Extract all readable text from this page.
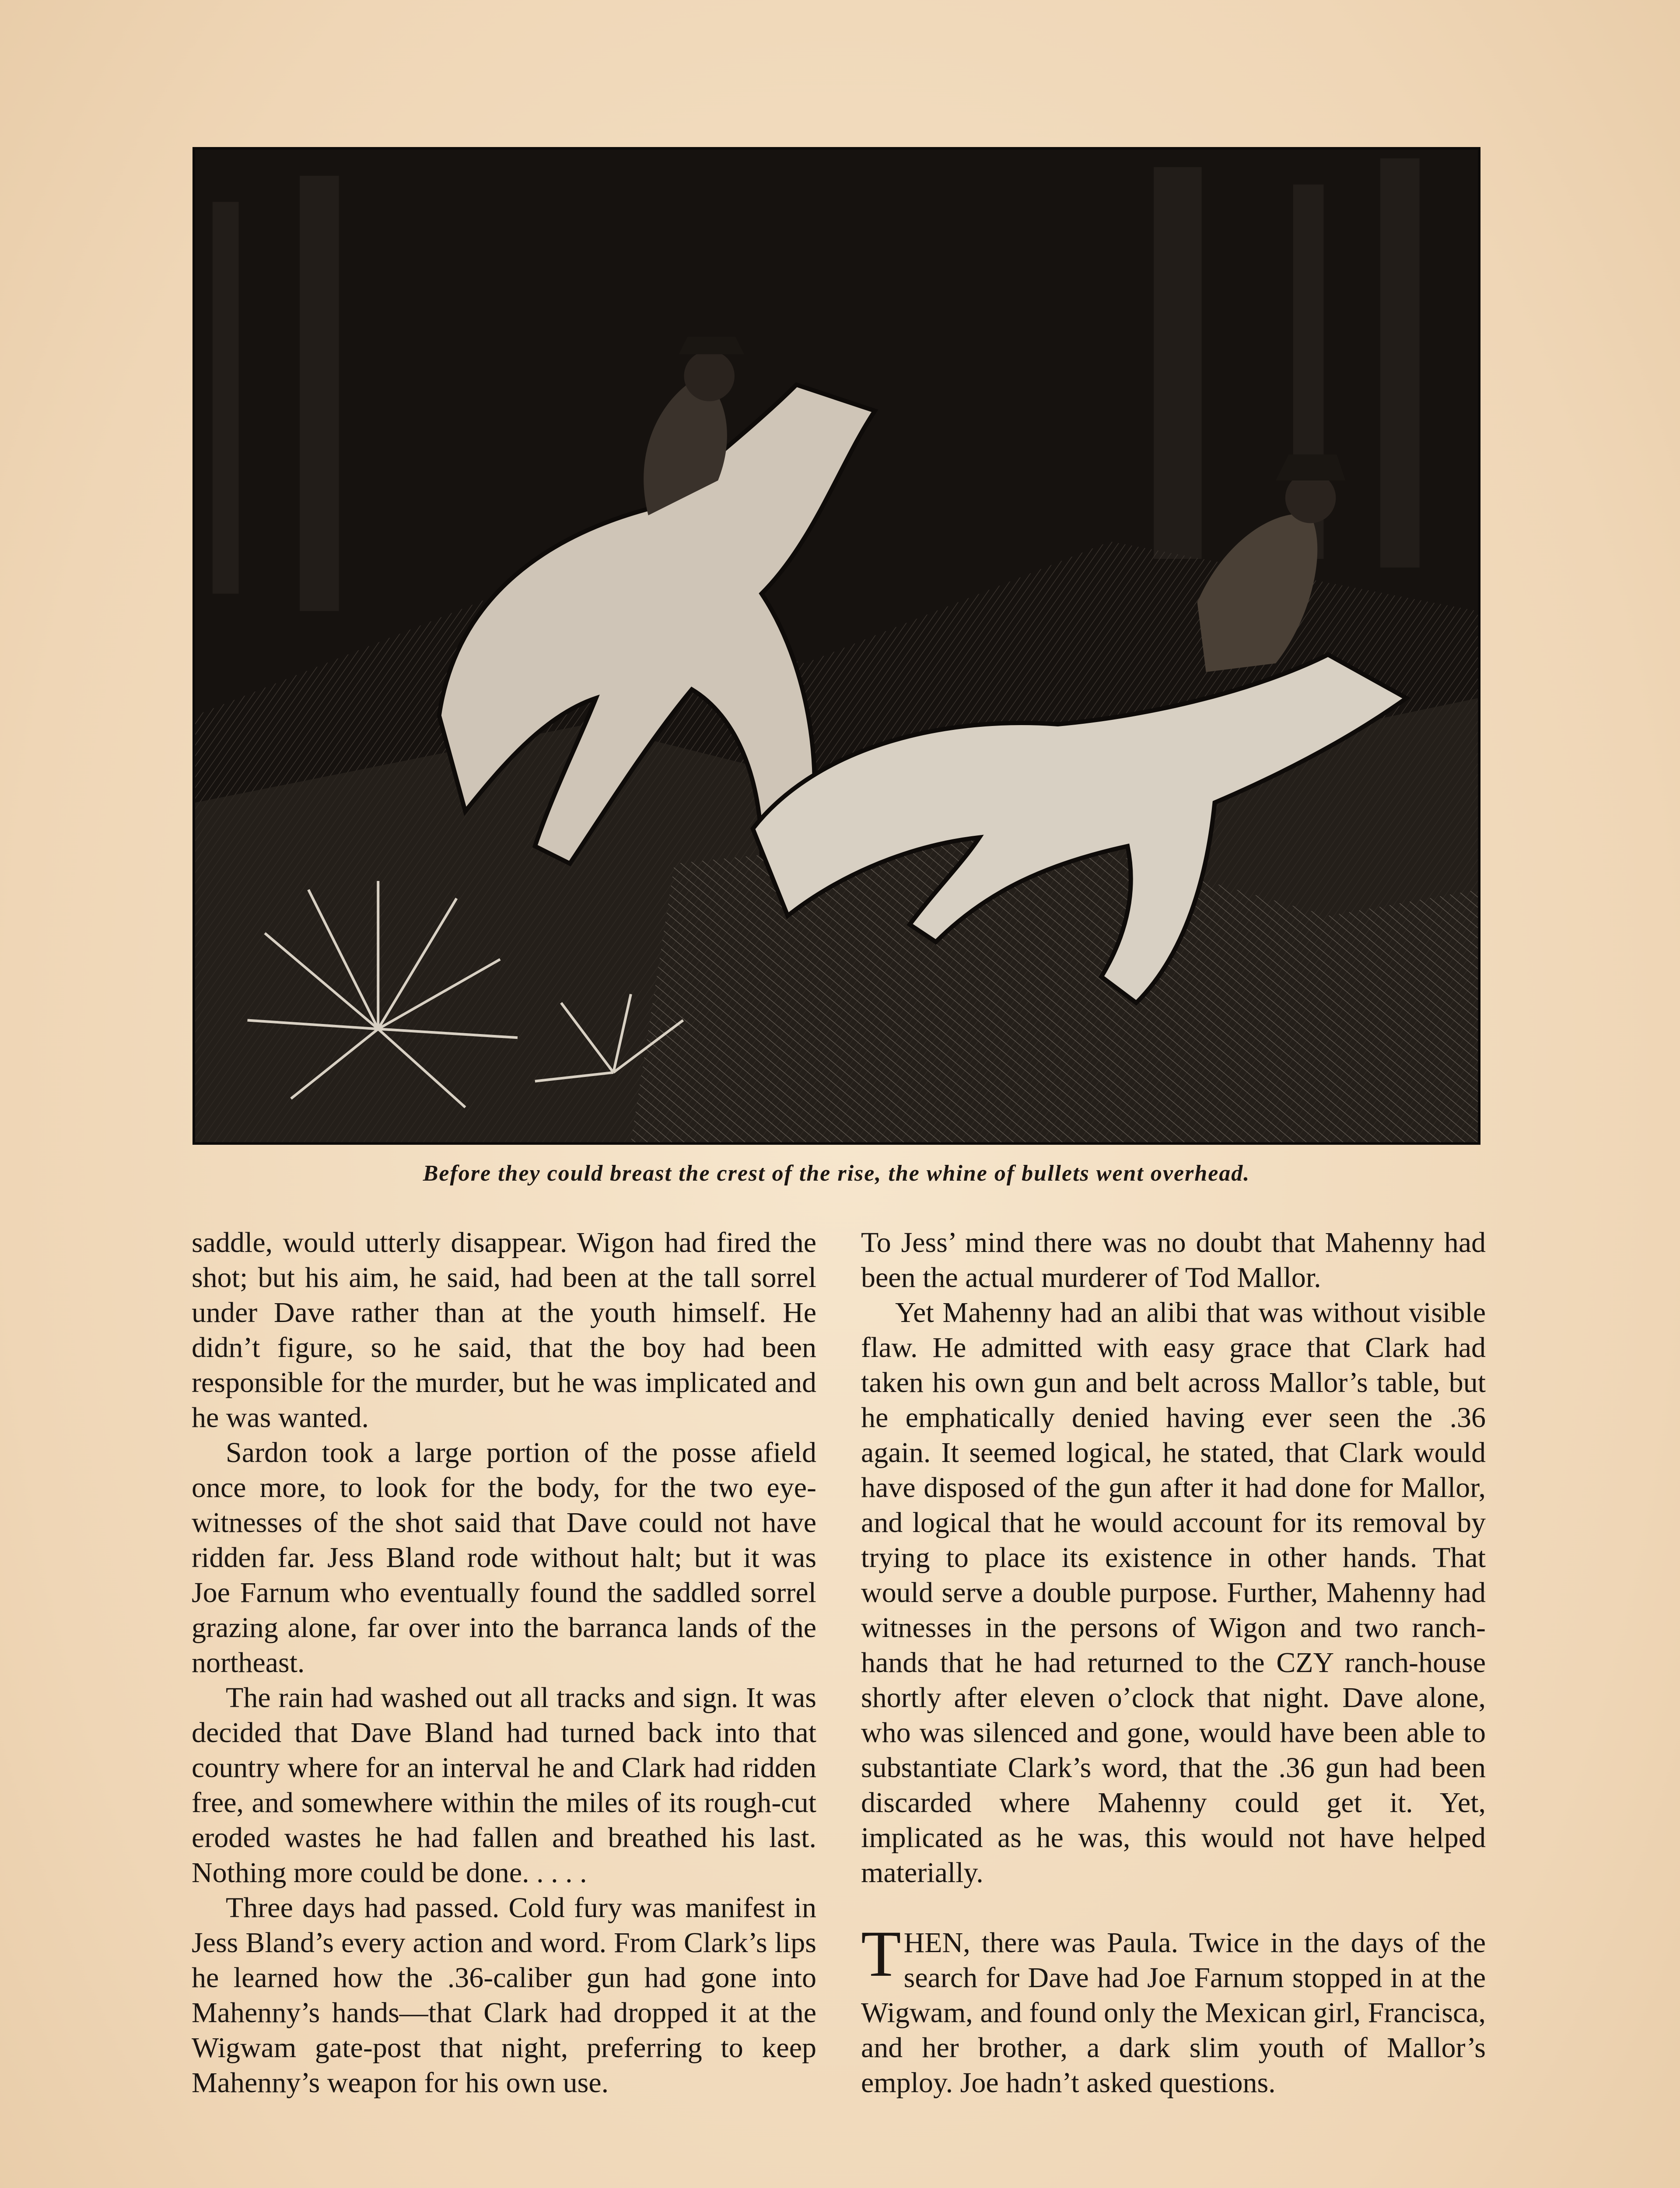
Before they could breast the crest of the rise, the whine of bullets went overhead.

saddle, would utterly disappear. Wigon had fired the shot; but his aim, he said, had been at the tall sorrel under Dave rather than at the youth himself. He didn’t figure, so he said, that the boy had been responsible for the murder, but he was implicated and he was wanted.

Sardon took a large portion of the posse afield once more, to look for the body, for the two eye-witnesses of the shot said that Dave could not have ridden far. Jess Bland rode without halt; but it was Joe Farnum who eventually found the saddled sorrel grazing alone, far over into the barranca lands of the northeast.

The rain had washed out all tracks and sign. It was decided that Dave Bland had turned back into that country where for an interval he and Clark had ridden free, and somewhere within the miles of its rough-cut eroded wastes he had fallen and breathed his last. Nothing more could be done. . . . .

Three days had passed. Cold fury was manifest in Jess Bland’s every action and word. From Clark’s lips he learned how the .36-caliber gun had gone into Mahenny’s hands—that Clark had dropped it at the Wigwam gate-post that night, preferring to keep Mahenny’s weapon for his own use.

To Jess’ mind there was no doubt that Mahenny had been the actual murderer of Tod Mallor.

Yet Mahenny had an alibi that was without visible flaw. He admitted with easy grace that Clark had taken his own gun and belt across Mallor’s table, but he emphatically denied having ever seen the .36 again. It seemed logical, he stated, that Clark would have disposed of the gun after it had done for Mallor, and logical that he would account for its removal by trying to place its existence in other hands. That would serve a double purpose. Further, Mahenny had witnesses in the persons of Wigon and two ranch-hands that he had returned to the CZY ranch-house shortly after eleven o’clock that night. Dave alone, who was silenced and gone, would have been able to substantiate Clark’s word, that the .36 gun had been discarded where Mahenny could get it. Yet, implicated as he was, this would not have helped materially.

THEN, there was Paula. Twice in the days of the search for Dave had Joe Farnum stopped in at the Wigwam, and found only the Mexican girl, Francisca, and her brother, a dark slim youth of Mallor’s employ. Joe hadn’t asked questions.
